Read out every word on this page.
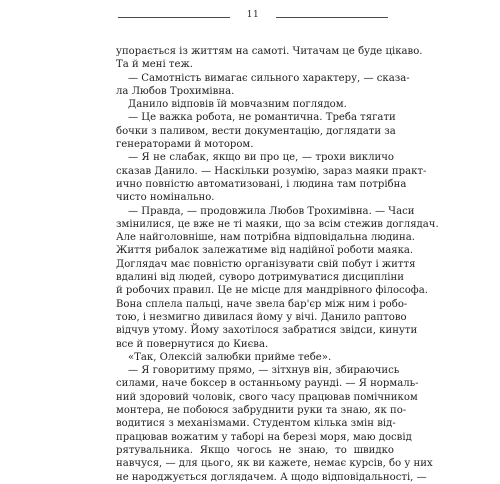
11
упорається із життям на самоті. Читачам це буде цікаво.
Та й мені теж.
— Самотність вимагає сильного характеру, — сказа-
ла Любов Трохимівна.
Данило відповів їй мовчазним поглядом.
— Це важка робота, не романтична. Треба тягати
бочки з паливом, вести документацію, доглядати за
генераторами й мотором.
— Я не слабак, якщо ви про це, — трохи викличо
сказав Данило. — Наскільки розумію, зараз маяки практ-
ично повністю автоматизовані, і людина там потрібна
чисто номінально.
— Правда, — продовжила Любов Трохимівна. — Часи
змінилися, це вже не ті маяки, що за всім стежив доглядач.
Але найголовніше, нам потрібна відповідальна людина.
Життя рибалок залежатиме від надійної роботи маяка.
Доглядач має повністю організувати свій побут і життя
вдалині від людей, суворо дотримуватися дисципліни
й робочих правил. Це не місце для мандрівного філософа.
Вона сплела пальці, наче звела бар'єр між ним і робо-
тою, і незмигно дивилася йому у вічі. Данило раптово
відчув утому. Йому захотілося забратися звідси, кинути
все й повернутися до Києва.
«Так, Олексій залюбки прийме тебе».
— Я говоритиму прямо, — зітхнув він, збираючись
силами, наче боксер в останньому раунді. — Я нормаль-
ний здоровий чоловік, свого часу працював помічником
монтера, не побоюся забруднити руки та знаю, як по-
водитися з механізмами. Студентом кілька змін від-
працював вожатим у таборі на березі моря, маю досвід
рятувальника. Якщо чогось не знаю, то швидко
навчуся, — для цього, як ви кажете, немає курсів, бо у них
не народжується доглядачем. А щодо відповідальності, —
